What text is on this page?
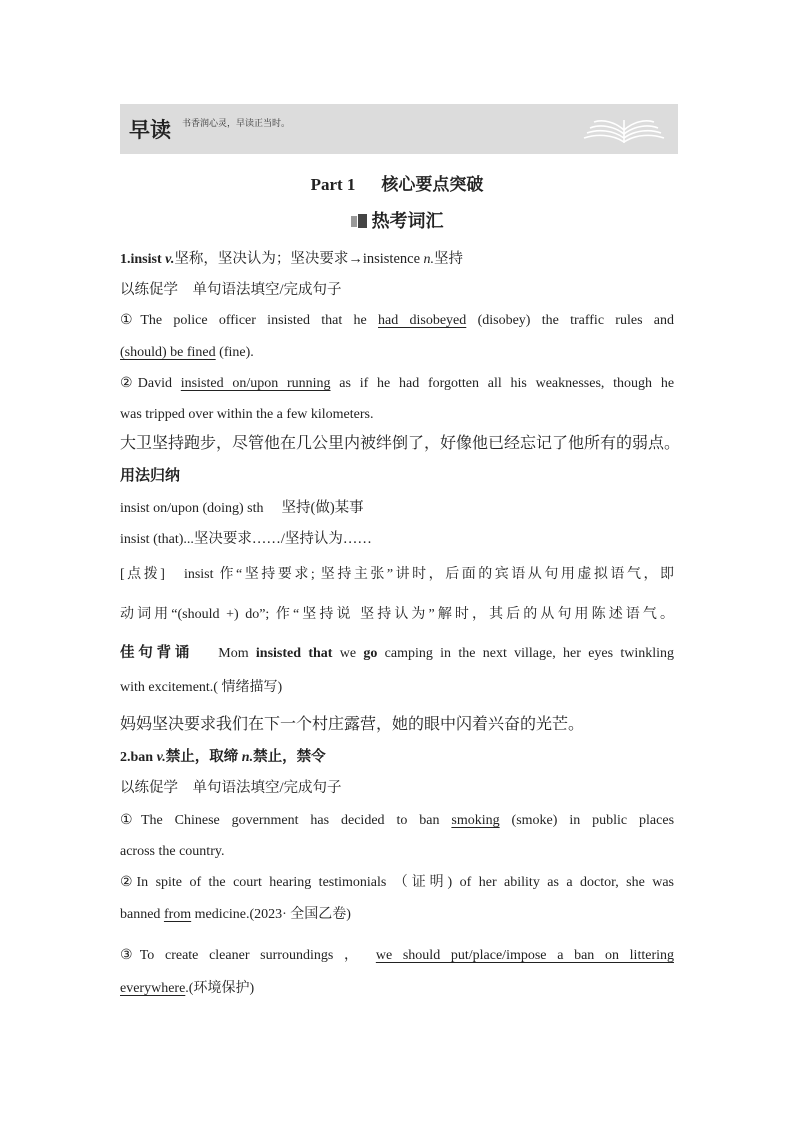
早读 书香润心灵，早读正当时。
Part 1 核心要点突破
热考词汇
1.insist v.坚称，坚决认为；坚决要求→insistence n.坚持
以练促学　单句语法填空/完成句子
①The police officer insisted that he had disobeyed (disobey) the traffic rules and
(should) be fined (fine).
②David insisted on/upon running as if he had forgotten all his weaknesses, though he
was tripped over within the a few kilometers.
大卫坚持跑步，尽管他在几公里内被绊倒了，好像他已经忘记了他所有的弱点。
用法归纳
insist on/upon (doing) sth 坚持(做)某事
insist (that)...坚决要求……/坚持认为……
[点拨]　insist 作“坚持要求; 坚持主张”讲时，后面的宾语从句用虚拟语气，即
动词用“(should +) do”; 作“坚持说 坚持认为”解时，其后的从句用陈述语气。
佳句背诵　 Mom insisted that we go camping in the next village, her eyes twinkling
with excitement.( 情绪描写)
妈妈坚决要求我们在下一个村庄露营，她的眼中闪着兴奋的光芒。
2.ban v.禁止，取缔 n.禁止，禁令
以练促学　单句语法填空/完成句子
①The Chinese government has decided to ban smoking (smoke) in public places
across the country.
②In spite of the court hearing testimonials （证明) of her ability as a doctor, she was
banned from medicine.(2023· 全国乙卷)
③To create cleaner surroundings ， we should put/place/impose a ban on littering
everywhere.(环境保护)
